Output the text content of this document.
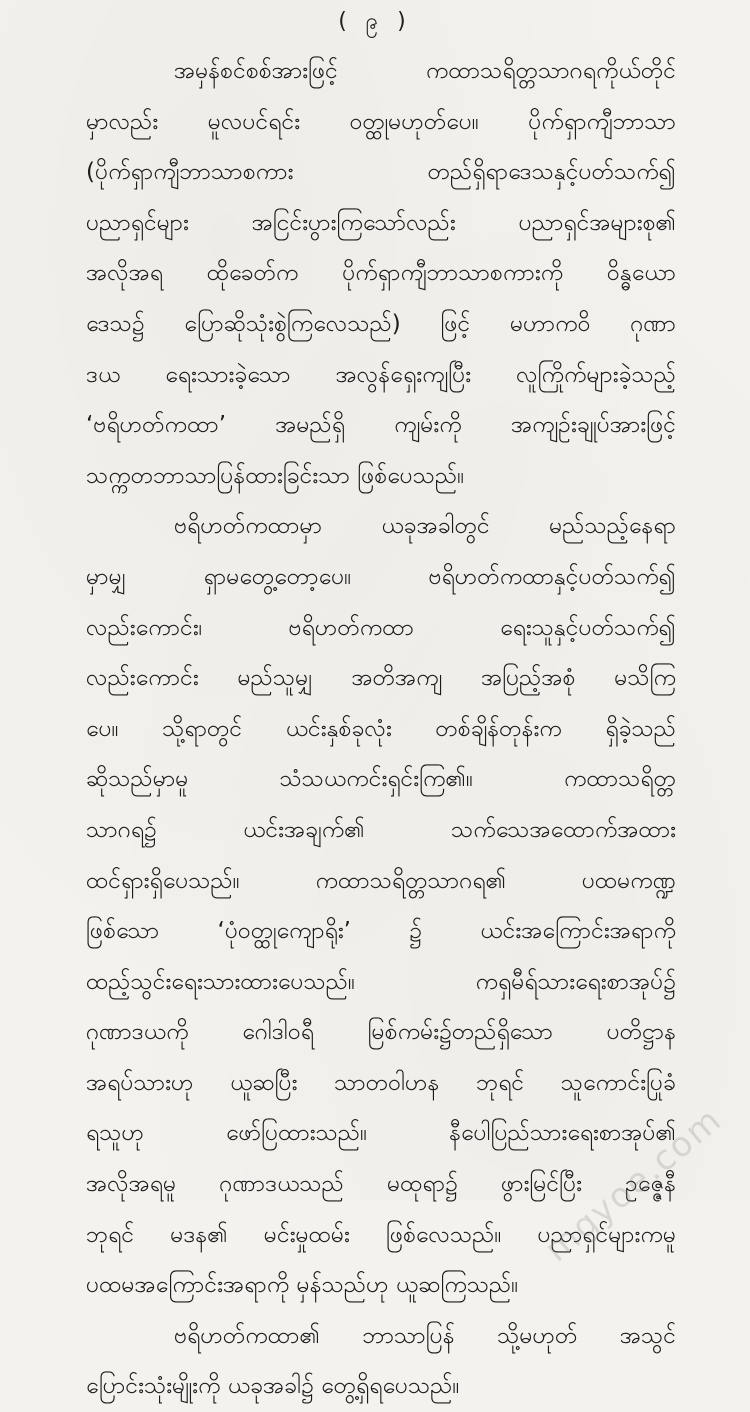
( ၉ )
အမှန်စင်စစ်အားဖြင့် ကထာသရိတ္တသာဂရကိုယ်တိုင်
မှာလည်း မူလပင်ရင်း ဝတ္ထုမဟုတ်ပေ။ ပိုက်ရှာကျီဘာသာ
(ပိုက်ရှာကျီဘာသာစကား တည်ရှိရာဒေသနှင့်ပတ်သက်၍
ပညာရှင်များ အငြင်းပွားကြသော်လည်း ပညာရှင်အများစု၏
အလိုအရ ထိုခေတ်က ပိုက်ရှာကျီဘာသာစကားကို ဝိန္ဓယော
ဒေသ၌ ပြောဆိုသုံးစွဲကြလေသည်) ဖြင့် မဟာကဝိ ဂုဏာ
ဒယ ရေးသားခဲ့သော အလွန်ရှေးကျပြီး လူကြိုက်များခဲ့သည့်
‘ဗရိဟတ်ကထာ’ အမည်ရှိ ကျမ်းကို အကျဉ်းချုပ်အားဖြင့်
သက္ကတဘာသာပြန်ထားခြင်းသာ ဖြစ်ပေသည်။
ဗရိဟတ်ကထာမှာ ယခုအခါတွင် မည်သည့်နေရာ
မှာမျှ ရှာမတွေ့တော့ပေ။ ဗရိဟတ်ကထာနှင့်ပတ်သက်၍
လည်းကောင်း၊ ဗရိဟတ်ကထာ ရေးသူနှင့်ပတ်သက်၍
လည်းကောင်း မည်သူမျှ အတိအကျ အပြည့်အစုံ မသိကြ
ပေ။ သို့ရာတွင် ယင်းနှစ်ခုလုံး တစ်ချိန်တုန်းက ရှိခဲ့သည်
ဆိုသည်မှာမူ သံသယကင်းရှင်းကြ၏။ ကထာသရိတ္တ
သာဂရ၌ ယင်းအချက်၏ သက်သေအထောက်အထား
ထင်ရှားရှိပေသည်။ ကထာသရိတ္တသာဂရ၏ ပထမကဏ္ဍ
ဖြစ်သော ‘ပုံဝတ္ထုကျောရိုး’ ၌ ယင်းအကြောင်းအရာကို
ထည့်သွင်းရေးသားထားပေသည်။ ကရှမီရ်သားရေးစာအုပ်၌
ဂုဏာဒယကို ဂေါဒါဝရီ မြစ်ကမ်း၌တည်ရှိသော ပတိဋ္ဌာန
အရပ်သားဟု ယူဆပြီး သာတဝါဟန ဘုရင် သူကောင်းပြုခံ
ရသူဟု ဖော်ပြထားသည်။ နီပေါပြည်သားရေးစာအုပ်၏
အလိုအရမူ ဂုဏာဒယသည် မထုရာ၌ ဖွားမြင်ပြီး ဥဇ္ဇေနီ
ဘုရင် မဒန၏ မင်းမှုထမ်း ဖြစ်လေသည်။ ပညာရှင်များကမူ
ပထမအကြောင်းအရာကို မှန်သည်ဟု ယူဆကြသည်။
ဗရိဟတ်ကထာ၏ ဘာသာပြန် သို့မဟုတ် အသွင်
ပြောင်းသုံးမျိုးကို ယခုအခါ၌ တွေ့ရှိရပေသည်။
mgyoe.com
